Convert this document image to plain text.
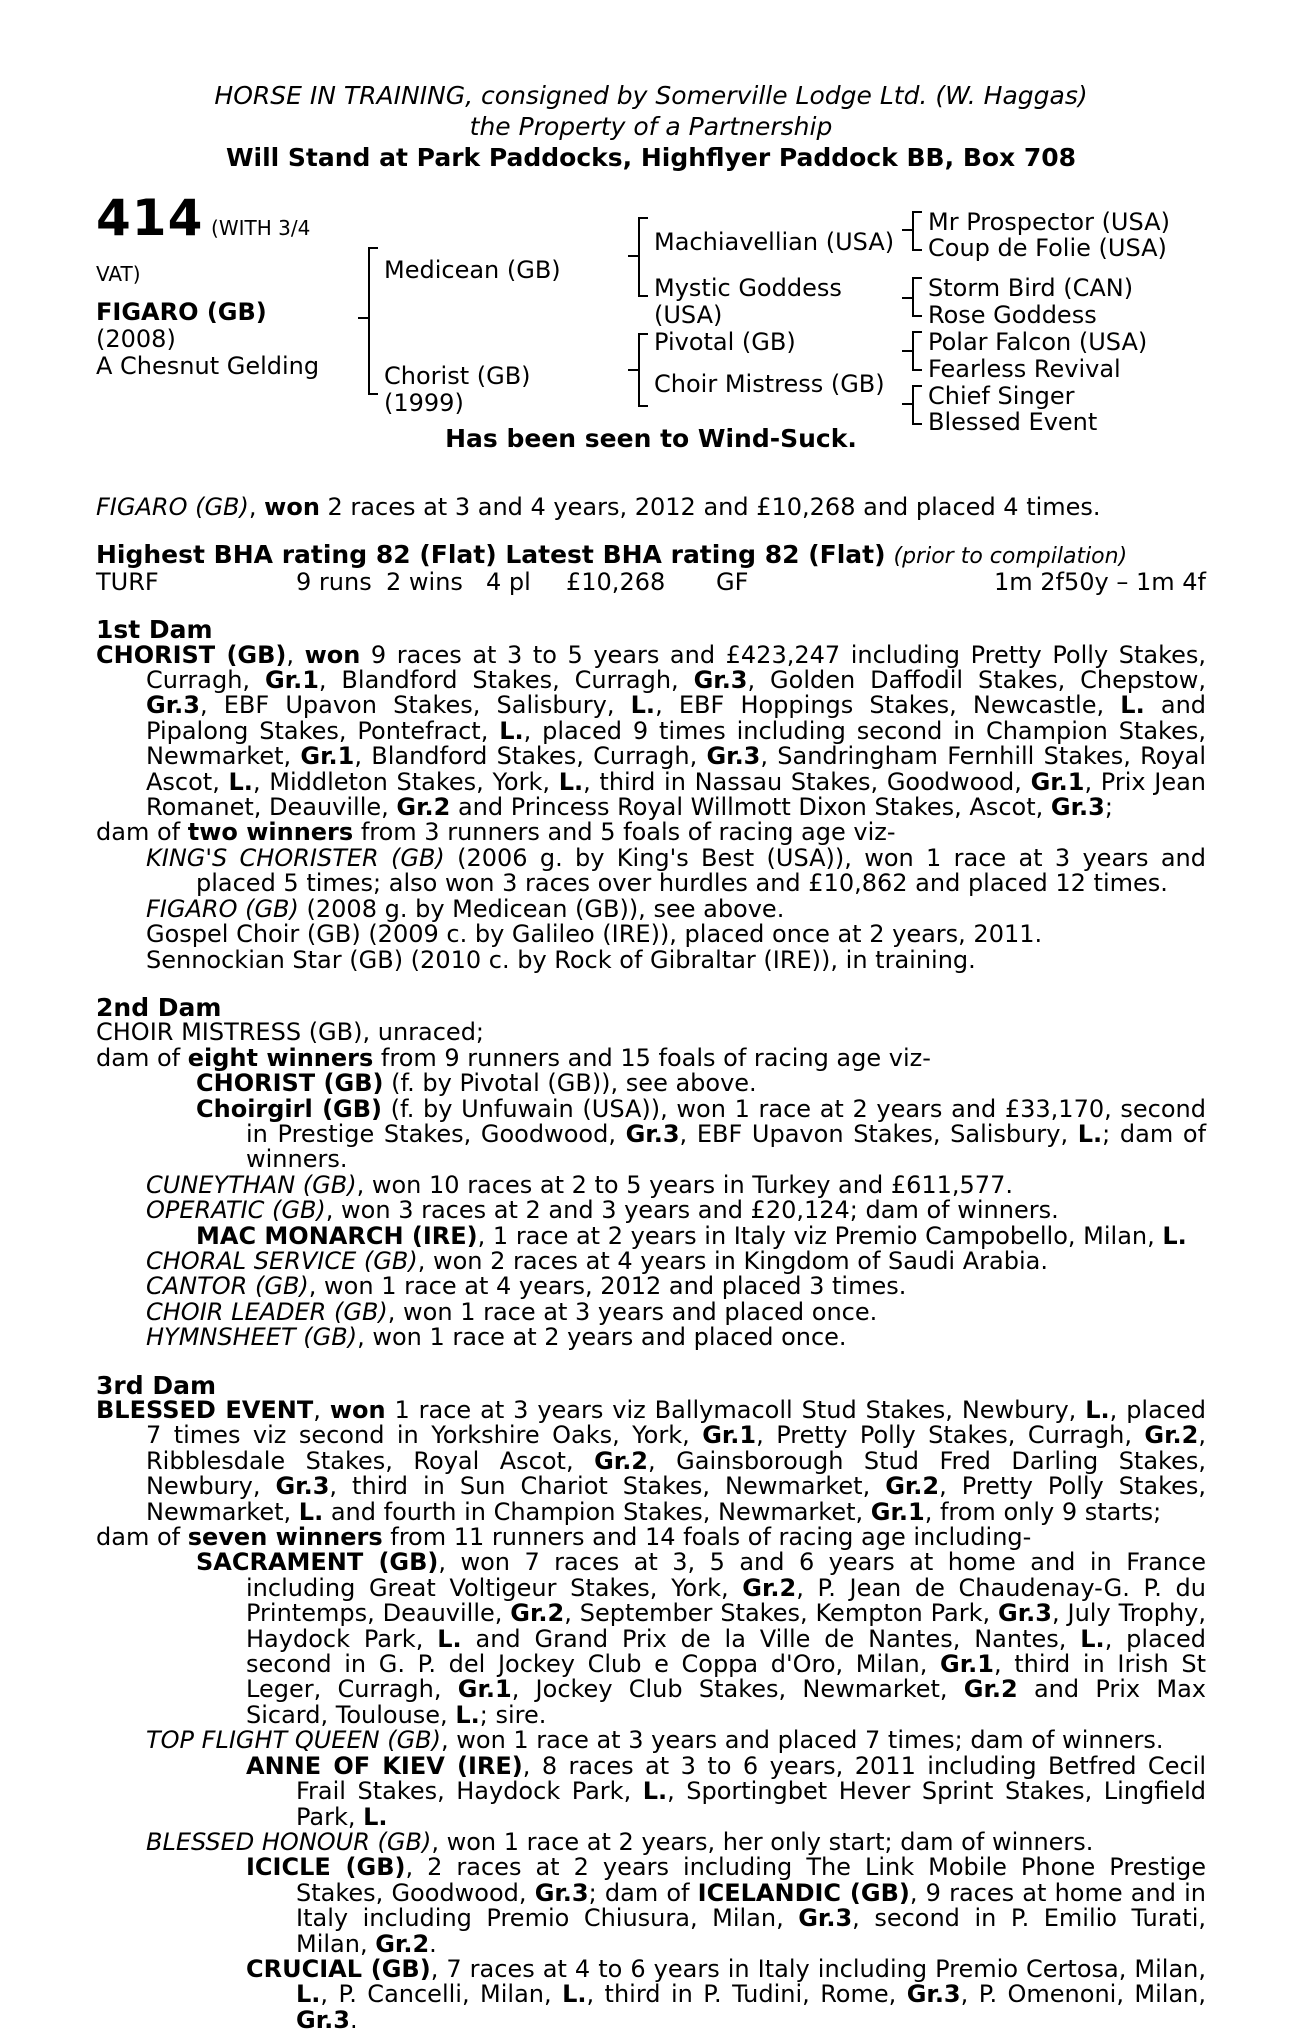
HORSE IN TRAINING, consigned by Somerville Lodge Ltd. (W. Haggas)
the Property of a Partnership
Will Stand at Park Paddocks, Highflyer Paddock BB, Box 708
414 (WITH 3/4
VAT)
FIGARO (GB)
(2008)
A Chesnut Gelding
Medicean (GB)
Chorist (GB)
(1999)
Machiavellian (USA)
Mystic Goddess
(USA)
Pivotal (GB)
Choir Mistress (GB)
Mr Prospector (USA)
Coup de Folie (USA)
Storm Bird (CAN)
Rose Goddess
Polar Falcon (USA)
Fearless Revival
Chief Singer
Blessed Event
Has been seen to Wind-Suck.

FIGARO (GB), won 2 races at 3 and 4 years, 2012 and £10,268 and placed 4 times.

Highest BHA rating 82 (Flat) Latest BHA rating 82 (Flat) (prior to compilation)

TURF	9 runs 2 wins 4 pl	£10,268	GF	1m 2f50y – 1m 4f

1st Dam

CHORIST (GB), won 9 races at 3 to 5 years and £423,247 including Pretty Polly Stakes, Curragh, Gr.1, Blandford Stakes, Curragh, Gr.3, Golden Daffodil Stakes, Chepstow, Gr.3, EBF Upavon Stakes, Salisbury, L., EBF Hoppings Stakes, Newcastle, L. and Pipalong Stakes, Pontefract, L., placed 9 times including second in Champion Stakes, Newmarket, Gr.1, Blandford Stakes, Curragh, Gr.3, Sandringham Fernhill Stakes, Royal Ascot, L., Middleton Stakes, York, L., third in Nassau Stakes, Goodwood, Gr.1, Prix Jean Romanet, Deauville, Gr.2 and Princess Royal Willmott Dixon Stakes, Ascot, Gr.3;

dam of two winners from 3 runners and 5 foals of racing age viz-

KING'S CHORISTER (GB) (2006 g. by King's Best (USA)), won 1 race at 3 years and placed 5 times; also won 3 races over hurdles and £10,862 and placed 12 times.

FIGARO (GB) (2008 g. by Medicean (GB)), see above.

Gospel Choir (GB) (2009 c. by Galileo (IRE)), placed once at 2 years, 2011.

Sennockian Star (GB) (2010 c. by Rock of Gibraltar (IRE)), in training.

2nd Dam

CHOIR MISTRESS (GB), unraced;

dam of eight winners from 9 runners and 15 foals of racing age viz-

CHORIST (GB) (f. by Pivotal (GB)), see above.

Choirgirl (GB) (f. by Unfuwain (USA)), won 1 race at 2 years and £33,170, second in Prestige Stakes, Goodwood, Gr.3, EBF Upavon Stakes, Salisbury, L.; dam of winners.

CUNEYTHAN (GB), won 10 races at 2 to 5 years in Turkey and £611,577.

OPERATIC (GB), won 3 races at 2 and 3 years and £20,124; dam of winners.

MAC MONARCH (IRE), 1 race at 2 years in Italy viz Premio Campobello, Milan, L.

CHORAL SERVICE (GB), won 2 races at 4 years in Kingdom of Saudi Arabia.

CANTOR (GB), won 1 race at 4 years, 2012 and placed 3 times.

CHOIR LEADER (GB), won 1 race at 3 years and placed once.

HYMNSHEET (GB), won 1 race at 2 years and placed once.

3rd Dam

BLESSED EVENT, won 1 race at 3 years viz Ballymacoll Stud Stakes, Newbury, L., placed 7 times viz second in Yorkshire Oaks, York, Gr.1, Pretty Polly Stakes, Curragh, Gr.2, Ribblesdale Stakes, Royal Ascot, Gr.2, Gainsborough Stud Fred Darling Stakes, Newbury, Gr.3, third in Sun Chariot Stakes, Newmarket, Gr.2, Pretty Polly Stakes, Newmarket, L. and fourth in Champion Stakes, Newmarket, Gr.1, from only 9 starts;

dam of seven winners from 11 runners and 14 foals of racing age including-

SACRAMENT (GB), won 7 races at 3, 5 and 6 years at home and in France including Great Voltigeur Stakes, York, Gr.2, P. Jean de Chaudenay-G. P. du Printemps, Deauville, Gr.2, September Stakes, Kempton Park, Gr.3, July Trophy, Haydock Park, L. and Grand Prix de la Ville de Nantes, Nantes, L., placed second in G. P. del Jockey Club e Coppa d'Oro, Milan, Gr.1, third in Irish St Leger, Curragh, Gr.1, Jockey Club Stakes, Newmarket, Gr.2 and Prix Max Sicard, Toulouse, L.; sire.

TOP FLIGHT QUEEN (GB), won 1 race at 3 years and placed 7 times; dam of winners.

ANNE OF KIEV (IRE), 8 races at 3 to 6 years, 2011 including Betfred Cecil Frail Stakes, Haydock Park, L., Sportingbet Hever Sprint Stakes, Lingfield Park, L.

BLESSED HONOUR (GB), won 1 race at 2 years, her only start; dam of winners.

ICICLE (GB), 2 races at 2 years including The Link Mobile Phone Prestige Stakes, Goodwood, Gr.3; dam of ICELANDIC (GB), 9 races at home and in Italy including Premio Chiusura, Milan, Gr.3, second in P. Emilio Turati, Milan, Gr.2.

CRUCIAL (GB), 7 races at 4 to 6 years in Italy including Premio Certosa, Milan, L., P. Cancelli, Milan, L., third in P. Tudini, Rome, Gr.3, P. Omenoni, Milan, Gr.3.
